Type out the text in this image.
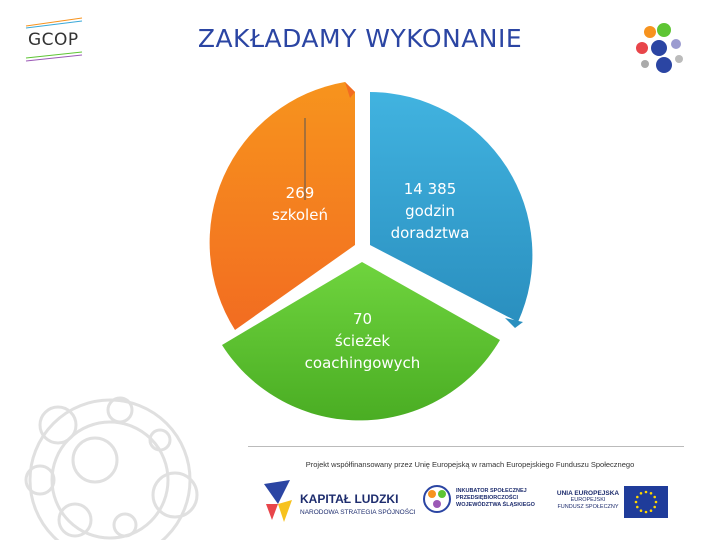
GCOP	ZAKŁADAMY WYKONANIE
269
szkoleń
14 385
godzin doradztwa
70
ścieżek coachingowych
Projekt współfinansowany przez Unię Europejską w ramach Europejskiego Funduszu Społecznego
KAPITAŁ LUDZKI
NARODOWA STRATEGIA SPÓJNOŚCI
INKUBATOR SPOŁECZNEJ
PRZEDSIĘBIORCZOŚCI
WOJEWÓDZTWA ŚLĄSKIEGO
UNIA EUROPEJSKA
EUROPEJSKI
FUNDUSZ SPOŁECZNY
